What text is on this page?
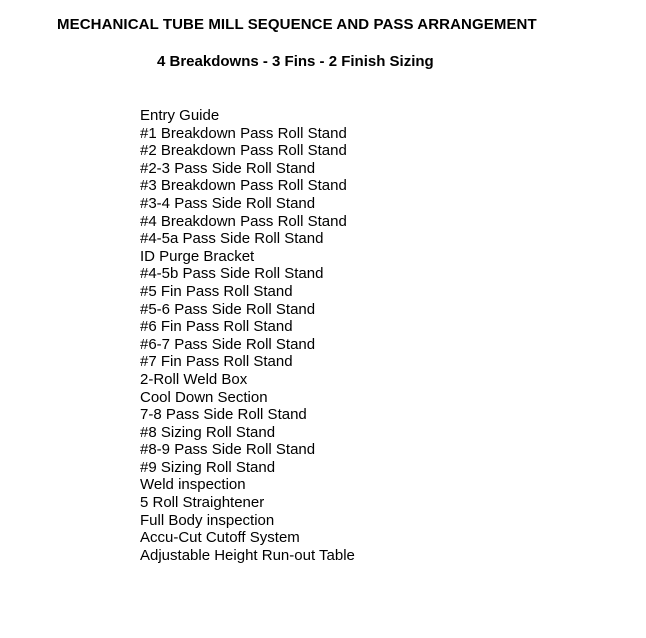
MECHANICAL TUBE MILL SEQUENCE AND PASS ARRANGEMENT
4 Breakdowns - 3 Fins - 2 Finish Sizing
Entry Guide
#1 Breakdown Pass Roll Stand
#2 Breakdown Pass Roll Stand
#2-3 Pass Side Roll Stand
#3 Breakdown Pass Roll Stand
#3-4 Pass Side Roll Stand
#4 Breakdown Pass Roll Stand
#4-5a Pass Side Roll Stand
ID Purge Bracket
#4-5b Pass Side Roll Stand
#5 Fin Pass Roll Stand
#5-6 Pass Side Roll Stand
#6 Fin Pass Roll Stand
#6-7 Pass Side Roll Stand
#7 Fin Pass Roll Stand
2-Roll Weld Box
Cool Down Section
7-8 Pass Side Roll Stand
#8 Sizing Roll Stand
#8-9 Pass Side Roll Stand
#9 Sizing Roll Stand
Weld inspection
5 Roll Straightener
Full Body inspection
Accu-Cut Cutoff System
Adjustable Height Run-out Table
